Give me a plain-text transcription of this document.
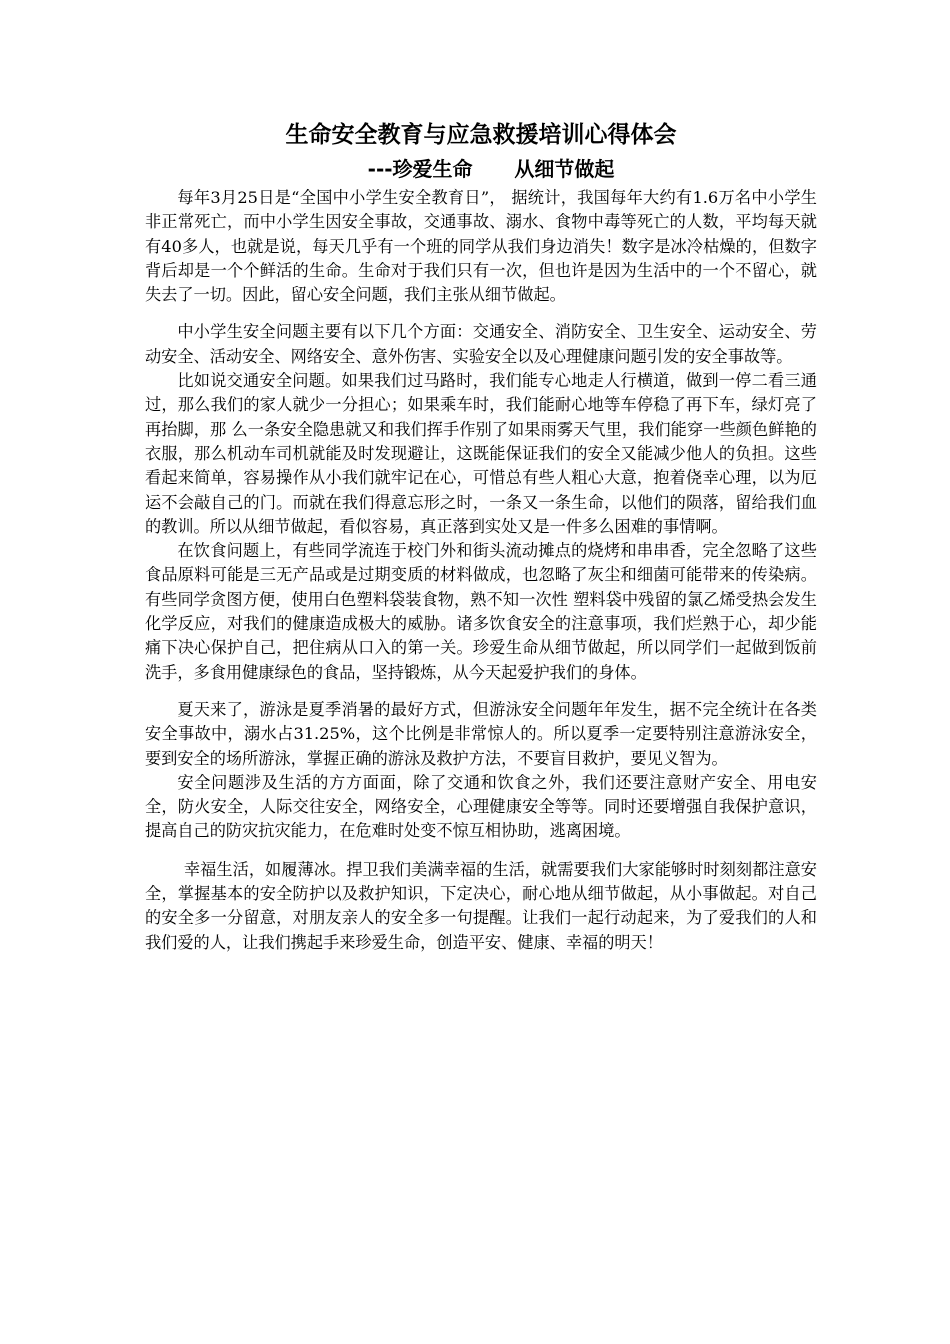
生命安全教育与应急救援培训心得体会
---珍爱生命      从细节做起

每年3月25日是“全国中小学生安全教育日”， 据统计，我国每年大约有1.6万名中小学生非正常死亡，而中小学生因安全事故，交通事故、溺水、食物中毒等死亡的人数，平均每天就有40多人，也就是说，每天几乎有一个班的同学从我们身边消失！数字是冰冷枯燥的，但数字背后却是一个个鲜活的生命。生命对于我们只有一次，但也许是因为生活中的一个不留心，就失去了一切。因此，留心安全问题，我们主张从细节做起。

中小学生安全问题主要有以下几个方面：交通安全、消防安全、卫生安全、运动安全、劳动安全、活动安全、网络安全、意外伤害、实验安全以及心理健康问题引发的安全事故等。

比如说交通安全问题。如果我们过马路时，我们能专心地走人行横道，做到一停二看三通过，那么我们的家人就少一分担心；如果乘车时，我们能耐心地等车停稳了再下车，绿灯亮了再抬脚，那 么一条安全隐患就又和我们挥手作别了如果雨雾天气里，我们能穿一些颜色鲜艳的衣服，那么机动车司机就能及时发现避让，这既能保证我们的安全又能减少他人的负担。这些看起来简单，容易操作从小我们就牢记在心，可惜总有些人粗心大意，抱着侥幸心理，以为厄运不会敲自己的门。而就在我们得意忘形之时，一条又一条生命，以他们的陨落，留给我们血的教训。所以从细节做起，看似容易，真正落到实处又是一件多么困难的事情啊。

在饮食问题上，有些同学流连于校门外和街头流动摊点的烧烤和串串香，完全忽略了这些食品原料可能是三无产品或是过期变质的材料做成，也忽略了灰尘和细菌可能带来的传染病。有些同学贪图方便，使用白色塑料袋装食物，熟不知一次性 塑料袋中残留的氯乙烯受热会发生化学反应，对我们的健康造成极大的威胁。诸多饮食安全的注意事项，我们烂熟于心，却少能痛下决心保护自己，把住病从口入的第一关。珍爱生命从细节做起，所以同学们一起做到饭前洗手，多食用健康绿色的食品，坚持锻炼，从今天起爱护我们的身体。

夏天来了，游泳是夏季消暑的最好方式，但游泳安全问题年年发生，据不完全统计在各类安全事故中，溺水占31.25%，这个比例是非常惊人的。所以夏季一定要特别注意游泳安全，要到安全的场所游泳，掌握正确的游泳及救护方法，不要盲目救护，要见义智为。

安全问题涉及生活的方方面面，除了交通和饮食之外，我们还要注意财产安全、用电安全，防火安全，人际交往安全，网络安全，心理健康安全等等。同时还要增强自我保护意识，提高自己的防灾抗灾能力，在危难时处变不惊互相协助，逃离困境。

幸福生活，如履薄冰。捍卫我们美满幸福的生活，就需要我们大家能够时时刻刻都注意安全，掌握基本的安全防护以及救护知识，下定决心，耐心地从细节做起，从小事做起。对自己的安全多一分留意，对朋友亲人的安全多一句提醒。让我们一起行动起来，为了爱我们的人和我们爱的人，让我们携起手来珍爱生命，创造平安、健康、幸福的明天！
